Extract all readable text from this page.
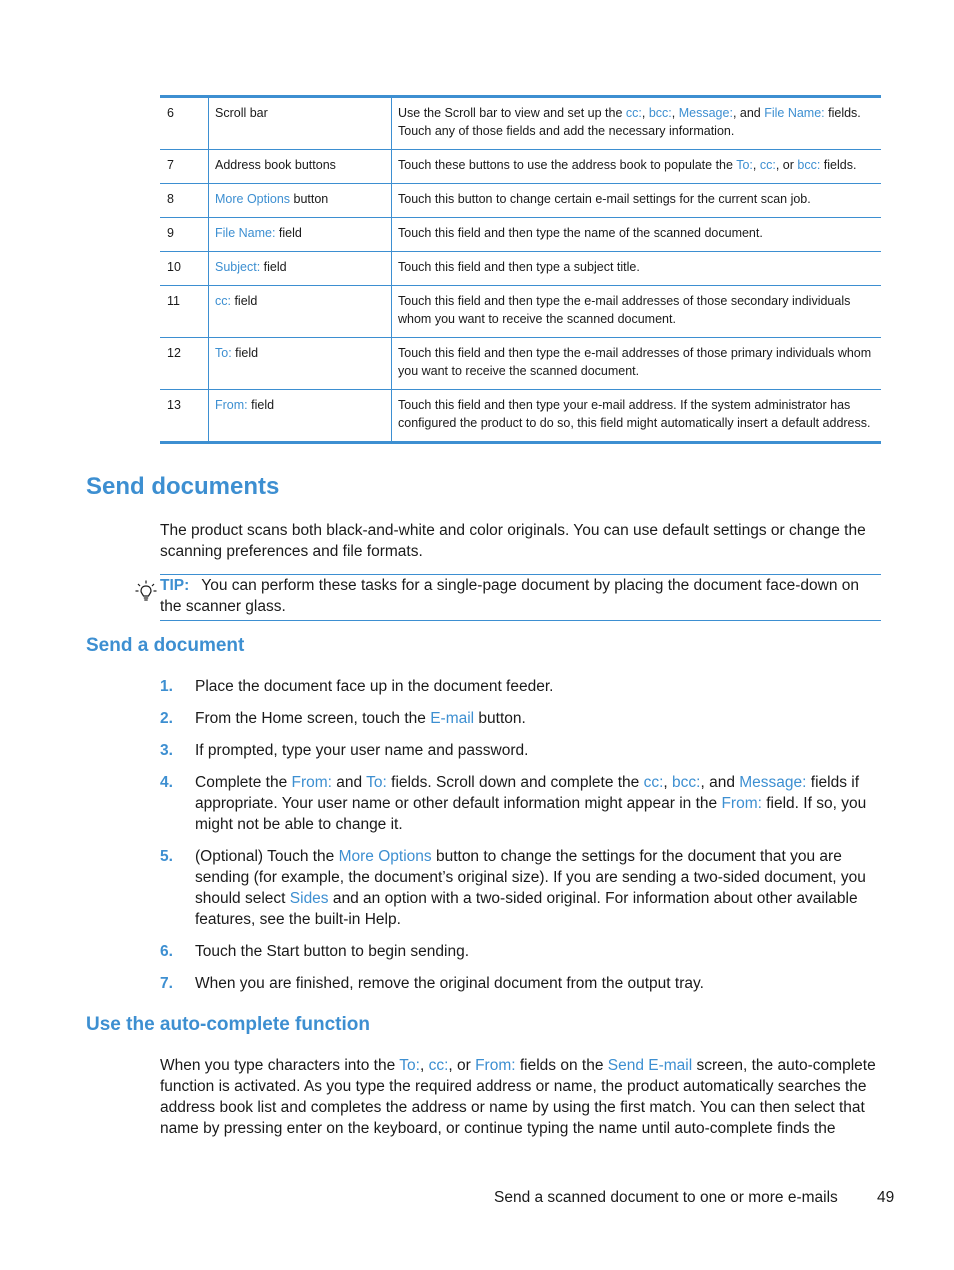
6	Scroll bar	Use the Scroll bar to view and set up the cc:, bcc:, Message:, and File Name: fields. Touch any of those fields and add the necessary information.
7	Address book buttons	Touch these buttons to use the address book to populate the To:, cc:, or bcc: fields.
8	More Options button	Touch this button to change certain e-mail settings for the current scan job.
9	File Name: field	Touch this field and then type the name of the scanned document.
10	Subject: field	Touch this field and then type a subject title.
11	cc: field	Touch this field and then type the e-mail addresses of those secondary individuals whom you want to receive the scanned document.
12	To: field	Touch this field and then type the e-mail addresses of those primary individuals whom you want to receive the scanned document.
13	From: field	Touch this field and then type your e-mail address. If the system administrator has configured the product to do so, this field might automatically insert a default address.
Send documents

The product scans both black-and-white and color originals. You can use default settings or change the scanning preferences and file formats.

TIP: You can perform these tasks for a single-page document by placing the document face-down on the scanner glass.
Send a document
1.	Place the document face up in the document feeder.
2.	From the Home screen, touch the E-mail button.
3.	If prompted, type your user name and password.
4.	Complete the From: and To: fields. Scroll down and complete the cc:, bcc:, and Message: fields if appropriate. Your user name or other default information might appear in the From: field. If so, you might not be able to change it.
5.	(Optional) Touch the More Options button to change the settings for the document that you are sending (for example, the document’s original size). If you are sending a two-sided document, you should select Sides and an option with a two-sided original. For information about other available features, see the built-in Help.
6.	Touch the Start button to begin sending.
7.	When you are finished, remove the original document from the output tray.
Use the auto-complete function

When you type characters into the To:, cc:, or From: fields on the Send E-mail screen, the auto-complete function is activated. As you type the required address or name, the product automatically searches the address book list and completes the address or name by using the first match. You can then select that name by pressing enter on the keyboard, or continue typing the name until auto-complete finds the

Send a scanned document to one or more e-mails	49
